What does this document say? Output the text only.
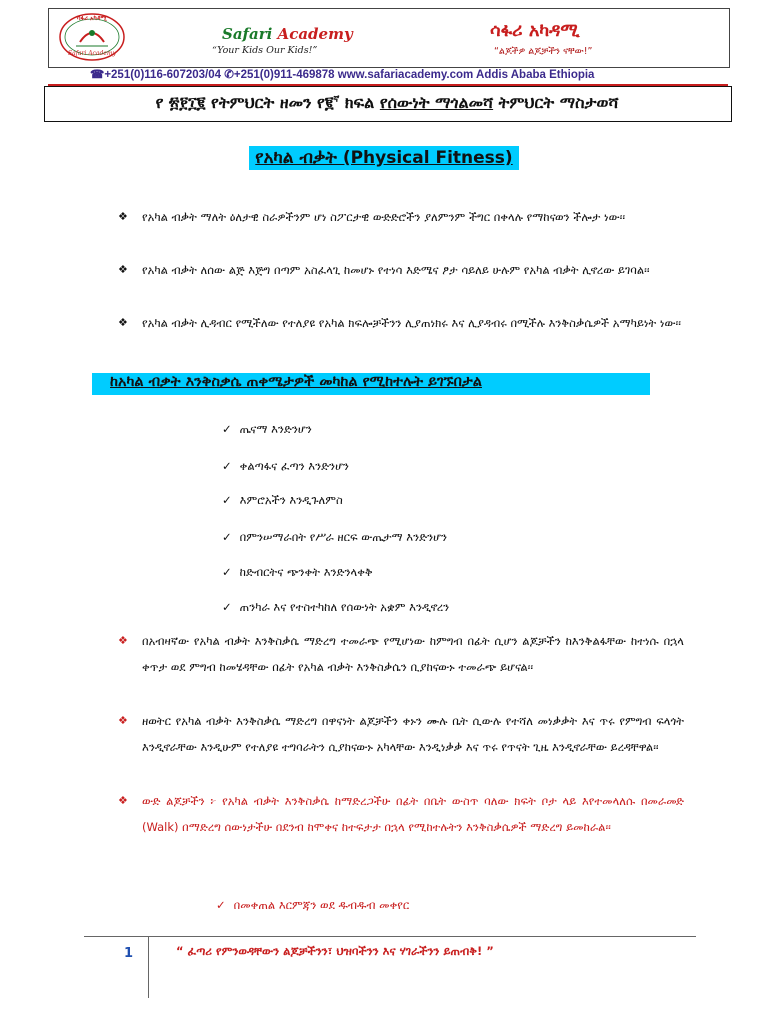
ሳፋሪ አካዳሚ
Safari Academy
Safari Academy
“Your Kids Our Kids!”
ሳፋሪ አካዳሚ
“ልጆችዎ ልጆቻችን ናቸው!”
☎+251(0)116-607203/04 ✆+251(0)911-469878 www.safariacademy.com Addis Ababa Ethiopia
የ ፳፻፲፪ የትምህርት ዘመን የ፪$^ኛ$ ክፍል የሰውነት ማጎልመሻ ትምህርት ማስታወሻ
የአካል ብቃት (Physical Fitness)
❖ የአካል ብቃት ማለት ዕለታዊ ስራዎችንም ሆነ ስፖርታዊ ውድድሮችን ያለምንም ችግር በቀላሉ የማከናወን ችሎታ ነው፡፡
❖ የአካል ብቃት ለሰው ልጅ እጅግ በጣም አስፈላጊ ከመሆኑ የተነሳ እድሜና ፆታ ሳይለይ ሁሉም የአካል ብቃት ሊኖረው ይገባል፡፡
❖ የአካል ብቃት ሊዳብር የሚችለው የተለያዩ የአካል ክፍሎቻችንን ሊያጠነክሩ እና ሊያዳብሩ በሚችሉ እንቅስቃሴዎች አማካይነት ነው፡፡
ከአካል ብቃት እንቅስቃሴ ጠቀሜታዎች መካከል የሚከተሉት ይገኙበታል
✓ ጤናማ እንድንሆን
✓ ቀልጣፋና ፈጣን እንድንሆን
✓ እምሮአችን እንዲጉለምስ
✓ በምንሠማራበት የሥራ ዘርፍ ውጤታማ እንድንሆን
✓ ከድብርትና ጭንቀት እንድንላቀቅ
✓ ጠንካራ እና የተስተካከለ የሰውነት አቋም እንዲኖረን
❖ በአብዛኛው የአካል ብቃት እንቅስቃሴ ማድረግ ተመራጭ የሚሆነው ከምግብ በፊት ሲሆን ልጆቻችን ከእንቅልፋቸው ከተነሱ በኋላ ቀጥታ ወደ ምግብ ከመሄዳቸው በፊት የአካል ብቃት እንቅስቃሴን ቢያከናውኑ ተመራጭ ይሆናል፡፡
❖ ዘወትር የአካል ብቃት እንቅስቃሴ ማድረግ በዋናነት ልጆቻችን ቀኑን ሙሉ ቤት ሲውሉ የተሻለ መነቃቃት እና ጥሩ የምግብ ፍላጎት እንዲኖራቸው እንዲሁም የተለያዩ ተግባራትን ሲያከናውኑ አካላቸው እንዲነቃቃ እና ጥሩ የጥናት ጊዜ እንዲኖራቸው ይረዳቸዋል፡፡
❖ ውድ ልጆቻችን ፦ የአካል ብቃት እንቅስቃሴ ከማድረጋችሁ በፊት በቤት ውስጥ ባለው ክፍት ቦታ ላይ እየተመላለሱ በመራመድ (Walk) በማድረግ ሰውነታችሁ በደንብ ከሞቀና ከተፍታታ በኋላ የሚከተሉትን እንቅስቃሴዎች ማድረግ ይመከራል፡፡
✓ በመቀጠል እርምጃን ወደ ዱብዱብ መቀየር
1	“ ፈጣሪ የምንወዳቸውን ልጆቻችንን፣ ህዝባችንን እና ሃገራችንን ይጠብቅ! ”
